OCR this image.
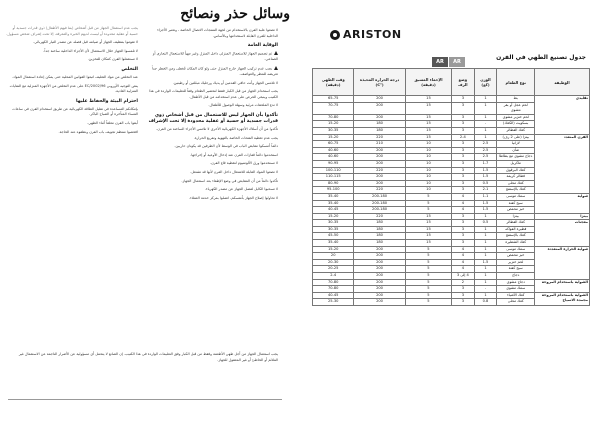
وسائل حذر ونصائح

لا تضعوا علبة الفرن بالاستخدام من لجهة المنتجات الاتصال الخاصة ، وتعتبر الأجزاء الداخلية للفرن القابلة لاستخدامها وبالأساس.

الوقاية العامة

تم تصميم الجهاز للاستعمال المنزلي داخل المنزل وغير مهيأ للاستعمال التجاري أو الصناعي.

يجب عدم تركيب الجهاز خارج المنزل حتى ولو كان المكان مُغطى ومن الخطر جداً تعريضه للمطر والعواصف.

لا تلامس الجهاز وأنت حافي القدمين أو يديك ورجليك مبللتين أو رطبتين.

يجب استخدام الجهاز من قبل الكبار فقط لتحضير الطعام وفقاً للتعليمات الواردة في هذا الكتيب وينبغي الحرص على عدم استخدامه من قبل الأطفال.

لا تدع الملحقات مرئية وسهلة الوصول للأطفال.

تأكدوا بأن الجهاز ليس للاستعمال من قبل أشخاص ذوي قدرات جسدية أو حسية أو عقلية محدودة إلا تحت الإشراف

تأكدوا من أن أسلاك الأجهزة الكهربائية الأخرى لا تلامس الأجزاء الساخنة من الفرن.

يجب عدم تغطية الفتحات الخاصة بالتهوية وتفريغ الحرارة.

دائماً أمسكوا مقابض الباب في الوسط لأن الطرفين قد يكونان حاريين.

استخدموا دائماً قفازات الفرن عند إدخال الأوعية أو إخراجها.

لا تستخدموا ورق الألومنيوم لتغطية قاع الفرن.

لا تضعوا المواد القابلة للاشتعال داخل الفرن لأنها قد تشتعل.

تأكدوا دائماً من أن المقابض في وضع الإطفاء بعد استعمال الجهاز.

لا تسحبوا الكابل لفصل الجهاز عن مصدر الكهرباء.

لا تحاولوا إصلاح الجهاز بأنفسكم، اتصلوا بمركز خدمة العملاء.

يجب عدم استعمال الجهاز من قبل أشخاص (بما فيهم الأطفال) ذوي قدرات جسدية أو حسية أو عقلية محدودة أو ليست لديهم الخبرة والمعرفة، إلا تحت إشراف شخص مسؤول.

لا تقوموا بتنظيف الجهاز أو صيانته قبل فصله عن مصدر التيار الكهربائي.

لا تلمسوا الجهاز خلال الاستعمال لأن الأجزاء الداخلية ساخنة جداً.

لا تستعملوا الفرن كمكان للتخزين.

التخلص

عند التخلص من مواد التغليف اتبعوا القوانين المحلية حتى يمكن إعادة استعمال المواد.

ينص التوجيه الأوروبي 2002/96/EC على عدم التخلص من الأجهزة المنزلية مع النفايات المنزلية العادية.

احترام البيئة والحفاظ عليها

بإمكانكم المساعدة في تقليل الطاقة الكهربائية عن طريق استخدام الفرن في ساعات المساء المتأخرة أو الصباح الباكر.

أبقوا باب الفرن مغلقاً أثناء الطهي.

افحصوا منتظم تجويف باب الفرن ونظفوه عند الحاجة.

يجب استعمال الجهاز من أجل طهي الأطعمة وفقط من قبل الكبار وفق التعليمات الواردة في هذا الكتيب. إن الصانع لا يتحمل أي مسؤولية عن الأضرار الناجمة عن الاستعمال غير الملائم أو الخاطئ أو غير المعقول للجهاز.
ARISTON
AR	AR
جدول تصنيع الطهي في الفرن
الوظيفة	نوع الطعام	الوزن (كغ)	وضع الرف	الإحماء المسبق (دقيقة)	درجة الحرارة المحبذة (°C)	وقت الطهي (دقيقة)
تقليدي	بط	1	3	15	200	65-75
	لحم عجل أو بقر مشوي	1	3	15	200	70-75
	لحم خنزير مشوي	1	3	15	200	70-80
	بسكويت (الكعك)	-	3	15	180	15-20
	كعك الفطائر	1	3	15	180	30-35
الفرن المتعدد	بيتزا (على 2 رف)	1	2-4	15	220	15-20
	لازانيا	2.5	3	10	210	60-75
	ضأن	2.5	3	10	200	40-60
	دجاج مشوي مع بطاطا	2.5	3	10	200	40-60
	ماكريل	1.7	3	10	200	90-95
	كعك البرقوق	1.5	3	10	220	100-110
	فطائر كريمة	1.5	3	10	200	110-115
	كعك محلى	0.5	3	10	200	80-90
	كعك بالإسفنج	2.1	3	10	220	95-100
شواية	سمك موسى	1.1	4	5	200-180	35-40
	سيخ كفتة	1.5	4	5	200-180	35-40
	خبز محمص	1.5	4	5	200-180	40-45
بيتزا	بيتزا	1	3	15	220	15-20
معجنات	كعك الفطائر	0.5	3	15	180	30-35
	فطيرة الفواكه	1	3	15	180	30-35
	كعك بالإسفنج	1	3	15	180	45-50
	كعك الشطيرة	1	3	15	180	35-40
شواية الحرارة المتعددة	سمك موسى	1	4	5	200	15-20
	خبز محمص	1	4	5	200	20
	لحم خنزير	1.5	4	5	200	20-30
	سيخ كفتة	1	4	5	200	20-25
	دجاج	1	4 إلى 3	5	200	2-4
الشواية باستخدام المروحة	دجاج مشوي	1	2	5	200	70-80
	سمك مشوي	-	3	5	200	70-80
الشواية باستخدام المروحة مجمدة الاسياخ	كعك الأشياء	1	3	5	200	40-45
	كعك محلى	0.8	3	5	200	25-30
